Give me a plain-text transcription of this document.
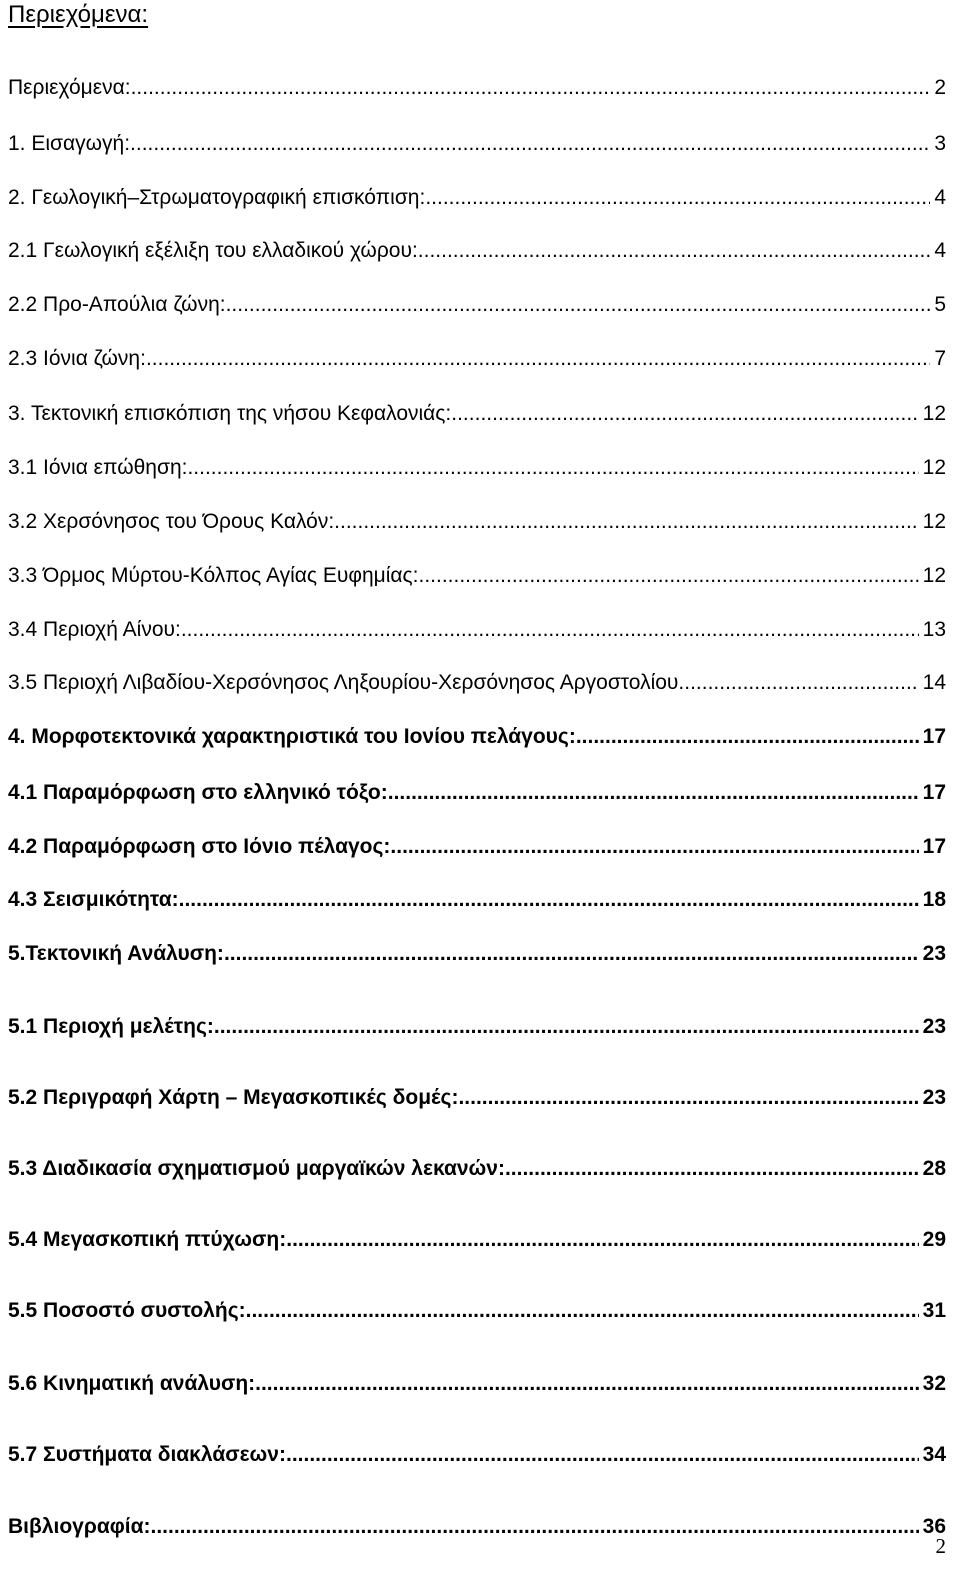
Περιεχόμενα:
Περιεχόμενα: .....	2
1. Εισαγωγή: .....	3
2. Γεωλογική–Στρωματογραφική επισκόπιση: .....	4
2.1 Γεωλογική εξέλιξη του ελλαδικού χώρου: .....	4
2.2 Προ-Απούλια ζώνη: .....	5
2.3 Ιόνια ζώνη: .....	7
3. Τεκτονική επισκόπιση της νήσου Κεφαλονιάς: .....	12
3.1 Ιόνια επώθηση: .....	12
3.2 Χερσόνησος του Όρους Καλόν: .....	12
3.3 Όρμος Μύρτου-Κόλπος Αγίας Ευφημίας: .....	12
3.4 Περιοχή Αίνου: .....	13
3.5 Περιοχή Λιβαδίου-Χερσόνησος Ληξουρίου-Χερσόνησος Αργοστολίου. .....	14
4. Μορφοτεκτονικά χαρακτηριστικά του Ιονίου πελάγους: .....	17
4.1 Παραμόρφωση στο ελληνικό τόξο: .....	17
4.2 Παραμόρφωση στο Ιόνιο πέλαγος: .....	17
4.3 Σεισμικότητα: .....	18
5.Τεκτονική Ανάλυση: .....	23
5.1 Περιοχή μελέτης: .....	23
5.2 Περιγραφή Χάρτη – Μεγασκοπικές δομές: .....	23
5.3 Διαδικασία σχηματισμού μαργαϊκών λεκανών: .....	28
5.4 Μεγασκοπική πτύχωση: .....	29
5.5 Ποσοστό συστολής: .....	31
5.6 Κινηματική ανάλυση: .....	32
5.7 Συστήματα διακλάσεων: .....	34
Βιβλιογραφία: .....	36
2
